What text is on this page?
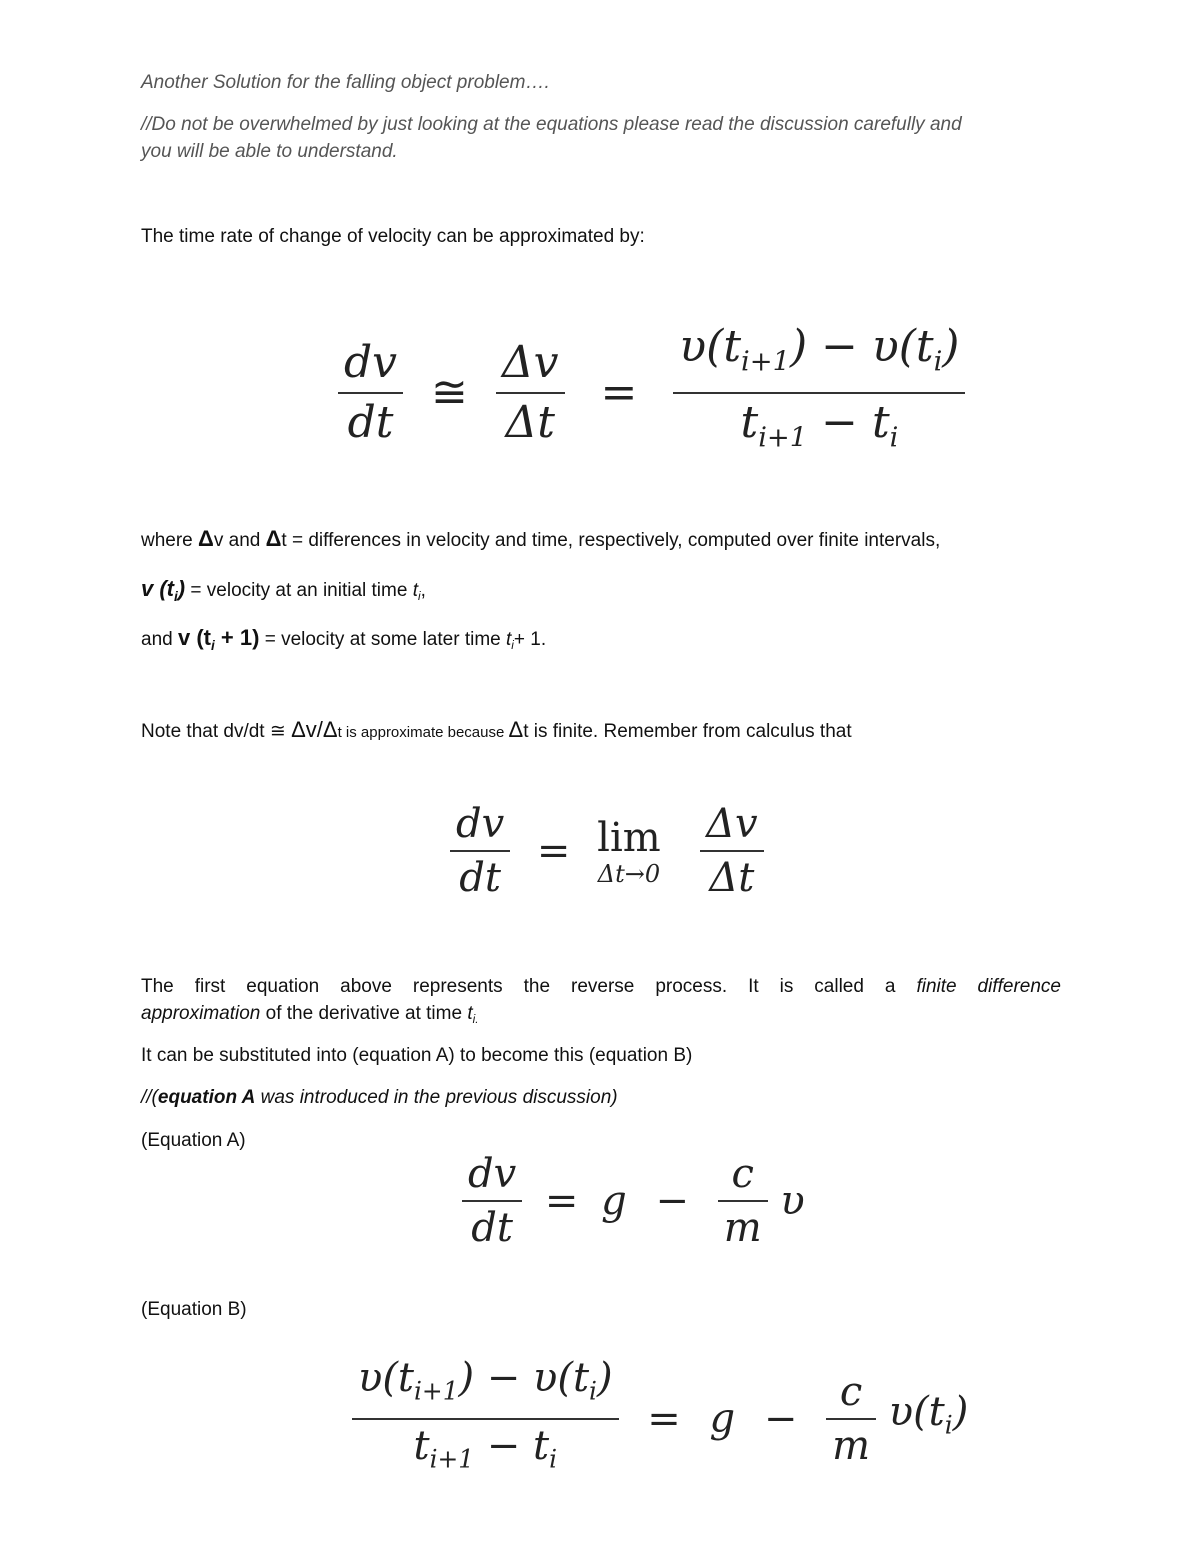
Another Solution for the falling object problem….
//Do not be overwhelmed by just looking at the equations please read the discussion carefully and
you will be able to understand.
The time rate of change of velocity can be approximated by:
$\frac{dv}{dt}$ ≅ $\frac{\Delta v}{\Delta t} = \frac{\upsilon(t_{i+1}) - \upsilon(t_i)}{t_{i+1} - t_i}$
where Δv and Δt = differences in velocity and time, respectively, computed over finite intervals,
v $(t_i)$ = velocity at an initial time $t_i$,
and v $(t_i + 1)$ = velocity at some later time $t_i+ 1$.
Note that dv/dt ≅ Δv/Δt is approximate because Δt is finite. Remember from calculus that
$\frac{dv}{dt} = \lim$
Δt→0
$\frac{\Delta v}{\Delta t}$
The first equation above represents the reverse process. It is called a finite difference
approximation of the derivative at time $t_{i.}$
It can be substituted into (equation A) to become this (equation B)
//(equation A was introduced in the previous discussion)
(Equation A)
$\frac{dv}{dt} = g - \frac{c}{m}$ υ
(Equation B)
$\frac{\upsilon(t_{i+1}) - \upsilon(t_i)}{t_{i+1} - t_i} = g - \frac{c}{m} \upsilon(t_i)$
